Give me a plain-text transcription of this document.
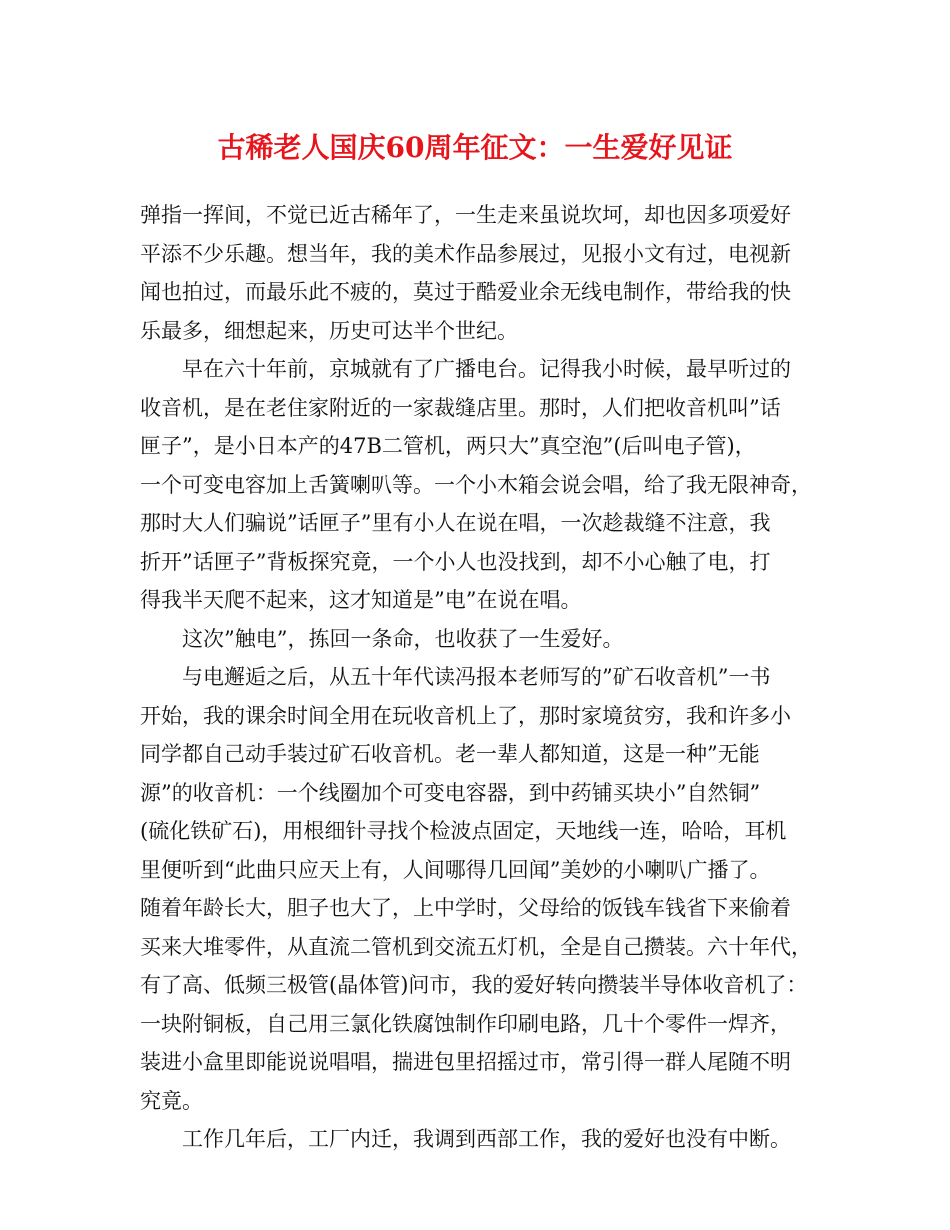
古稀老人国庆60周年征文：一生爱好见证
弹指一挥间，不觉已近古稀年了，一生走来虽说坎坷，却也因多项爱好
平添不少乐趣。想当年，我的美术作品参展过，见报小文有过，电视新
闻也拍过，而最乐此不疲的，莫过于酷爱业余无线电制作，带给我的快
乐最多，细想起来，历史可达半个世纪。
早在六十年前，京城就有了广播电台。记得我小时候，最早听过的
收音机，是在老住家附近的一家裁缝店里。那时，人们把收音机叫”话
匣子”，是小日本产的47B二管机，两只大”真空泡”(后叫电子管)，
一个可变电容加上舌簧喇叭等。一个小木箱会说会唱，给了我无限神奇，
那时大人们骗说”话匣子”里有小人在说在唱，一次趁裁缝不注意，我
折开”话匣子”背板探究竟，一个小人也没找到，却不小心触了电，打
得我半天爬不起来，这才知道是”电”在说在唱。
这次”触电”，拣回一条命，也收获了一生爱好。
与电邂逅之后，从五十年代读冯报本老师写的”矿石收音机”一书
开始，我的课余时间全用在玩收音机上了，那时家境贫穷，我和许多小
同学都自己动手装过矿石收音机。老一辈人都知道，这是一种”无能
源”的收音机：一个线圈加个可变电容器，到中药铺买块小”自然铜”
(硫化铁矿石)，用根细针寻找个检波点固定，天地线一连，哈哈，耳机
里便听到“此曲只应天上有，人间哪得几回闻”美妙的小喇叭广播了。
随着年龄长大，胆子也大了，上中学时，父母给的饭钱车钱省下来偷着
买来大堆零件，从直流二管机到交流五灯机，全是自己攒装。六十年代，
有了高、低频三极管(晶体管)问市，我的爱好转向攒装半导体收音机了：
一块附铜板，自己用三氯化铁腐蚀制作印刷电路，几十个零件一焊齐，
装进小盒里即能说说唱唱，揣进包里招摇过市，常引得一群人尾随不明
究竟。
工作几年后，工厂内迁，我调到西部工作，我的爱好也没有中断。
